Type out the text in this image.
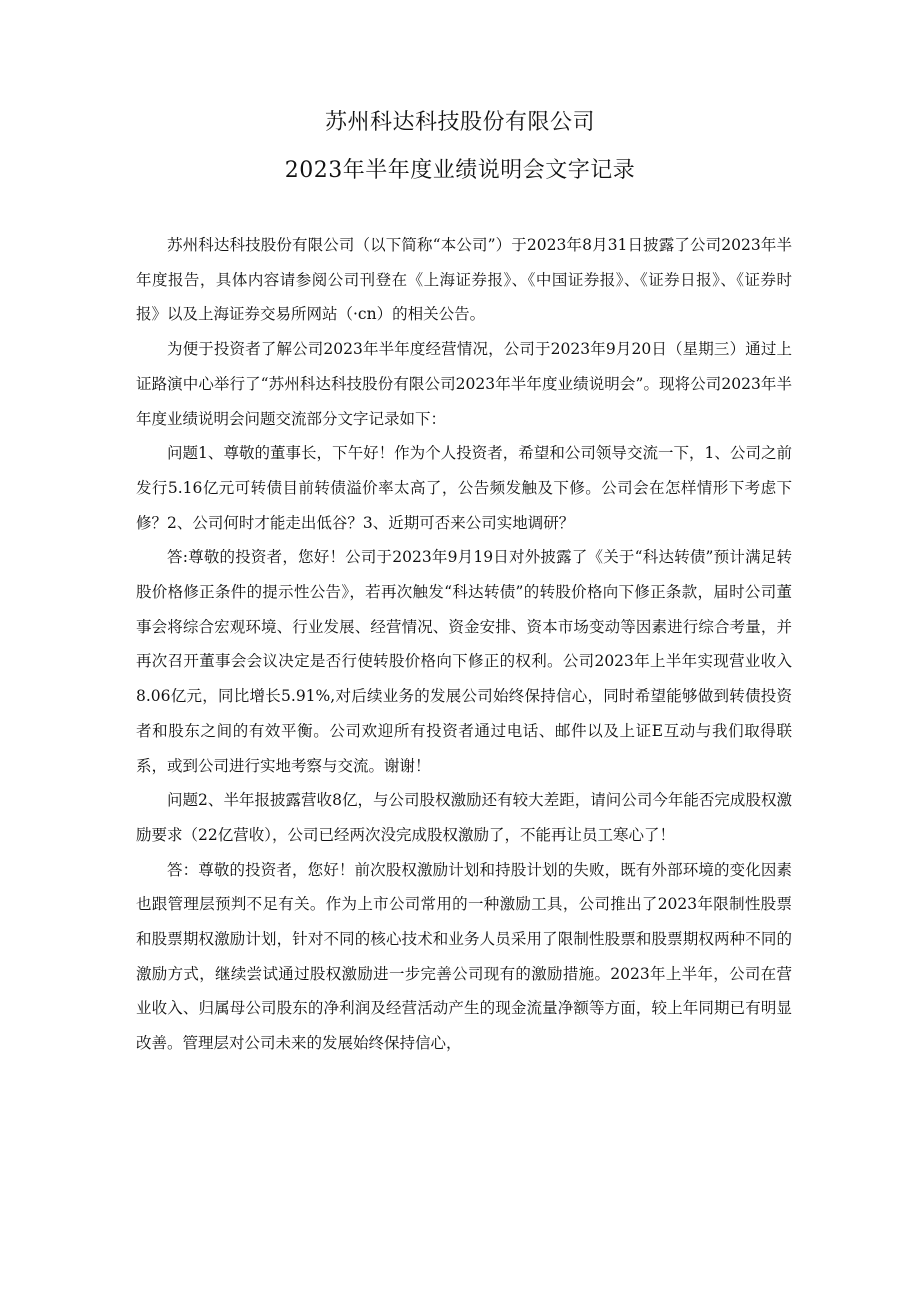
苏州科达科技股份有限公司
2023年半年度业绩说明会文字记录

苏州科达科技股份有限公司（以下简称“本公司”）于2023年8月31日披露了公司2023年半年度报告，具体内容请参阅公司刊登在《上海证券报》、《中国证券报》、《证券日报》、《证券时报》以及上海证券交易所网站（·cn）的相关公告。

为便于投资者了解公司2023年半年度经营情况，公司于2023年9月20日（星期三）通过上证路演中心举行了“苏州科达科技股份有限公司2023年半年度业绩说明会”。现将公司2023年半年度业绩说明会问题交流部分文字记录如下：

问题1、尊敬的董事长，下午好！作为个人投资者，希望和公司领导交流一下，1、公司之前发行5.16亿元可转债目前转债溢价率太高了，公告频发触及下修。公司会在怎样情形下考虑下修？2、公司何时才能走出低谷？3、近期可否来公司实地调研？

答:尊敬的投资者，您好！公司于2023年9月19日对外披露了《关于“科达转债”预计满足转股价格修正条件的提示性公告》，若再次触发“科达转债”的转股价格向下修正条款，届时公司董事会将综合宏观环境、行业发展、经营情况、资金安排、资本市场变动等因素进行综合考量，并再次召开董事会会议决定是否行使转股价格向下修正的权利。公司2023年上半年实现营业收入8.06亿元，同比增长5.91%,对后续业务的发展公司始终保持信心，同时希望能够做到转债投资者和股东之间的有效平衡。公司欢迎所有投资者通过电话、邮件以及上证E互动与我们取得联系，或到公司进行实地考察与交流。谢谢！

问题2、半年报披露营收8亿，与公司股权激励还有较大差距，请问公司今年能否完成股权激励要求（22亿营收），公司已经两次没完成股权激励了，不能再让员工寒心了！

答：尊敬的投资者，您好！前次股权激励计划和持股计划的失败，既有外部环境的变化因素也跟管理层预判不足有关。作为上市公司常用的一种激励工具，公司推出了2023年限制性股票和股票期权激励计划，针对不同的核心技术和业务人员采用了限制性股票和股票期权两种不同的激励方式，继续尝试通过股权激励进一步完善公司现有的激励措施。2023年上半年，公司在营业收入、归属母公司股东的净利润及经营活动产生的现金流量净额等方面，较上年同期已有明显改善。管理层对公司未来的发展始终保持信心，
